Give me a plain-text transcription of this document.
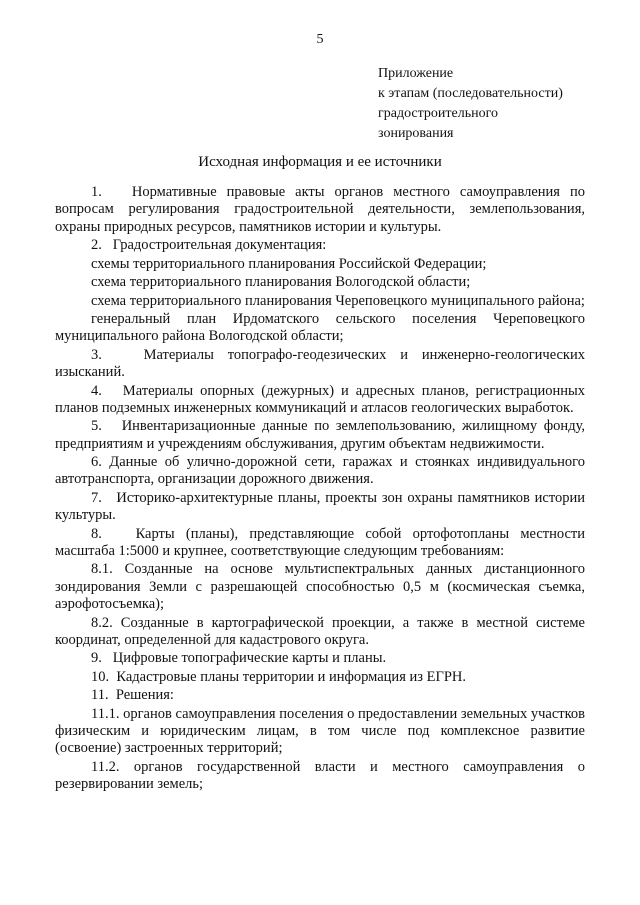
5
Приложение
к этапам (последовательности)
градостроительного
зонирования
Исходная информация и ее источники

1.   Нормативные правовые акты органов местного самоуправления по вопросам регулирования градостроительной деятельности, землепользования, охраны природных ресурсов, памятников истории и культуры.

2.   Градостроительная документация:

схемы территориального планирования Российской Федерации;

схема территориального планирования Вологодской области;

схема территориального планирования Череповецкого муниципального района;

генеральный план Ирдоматского сельского поселения Череповецкого муниципального района Вологодской области;

3.   Материалы топографо-геодезических и инженерно-геологических изысканий.

4.   Материалы опорных (дежурных) и адресных планов, регистрационных планов подземных инженерных коммуникаций и атласов геологических выработок.

5.   Инвентаризационные данные по землепользованию, жилищному фонду, предприятиям и учреждениям обслуживания, другим объектам недвижимости.

6. Данные об улично-дорожной сети, гаражах и стоянках индивидуального автотранспорта, организации дорожного движения.

7.   Историко-архитектурные планы, проекты зон охраны памятников истории культуры.

8.   Карты (планы), представляющие собой ортофотопланы местности масштаба 1:5000 и крупнее, соответствующие следующим требованиям:

8.1. Созданные на основе мультиспектральных данных дистанционного зондирования Земли с разрешающей способностью 0,5 м (космическая съемка, аэрофотосъемка);

8.2. Созданные в картографической проекции, а также в местной системе координат, определенной для кадастрового округа.

9.   Цифровые топографические карты и планы.

10.  Кадастровые планы территории и информация из ЕГРН.

11.  Решения:

11.1. органов самоуправления поселения о предоставлении земельных участков физическим и юридическим лицам, в том числе под комплексное развитие (освоение) застроенных территорий;

11.2. органов государственной власти и местного самоуправления о резервировании земель;
